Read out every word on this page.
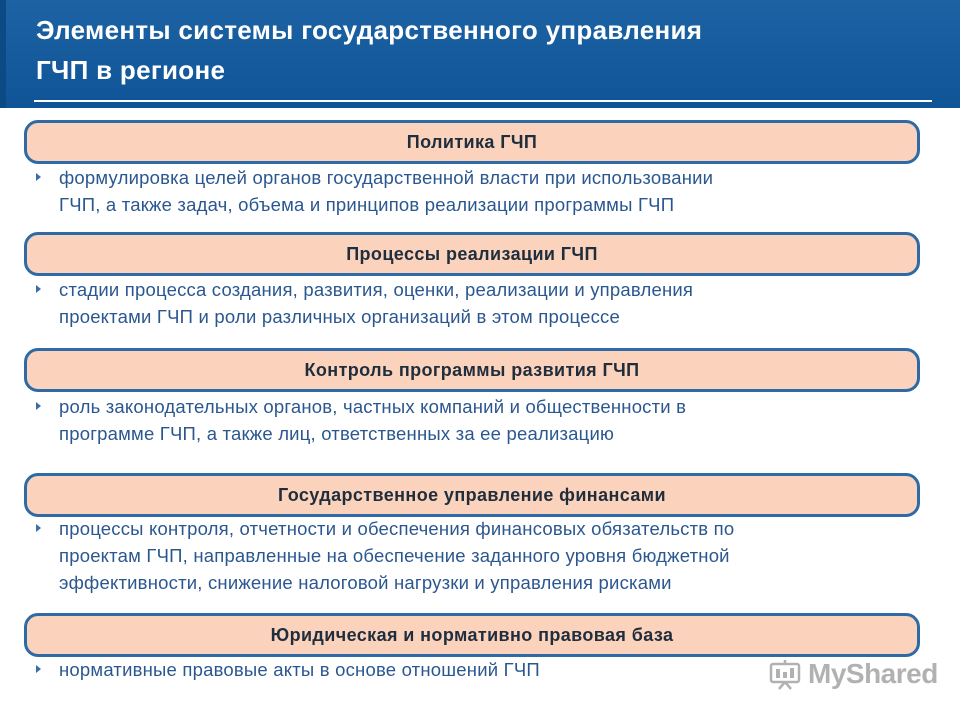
Элементы системы государственного управления
ГЧП в регионе
Политика ГЧП
формулировка целей органов государственной власти при использовании
ГЧП, а также задач, объема и принципов реализации программы ГЧП
Процессы реализации ГЧП
стадии процесса создания, развития, оценки, реализации и управления
проектами ГЧП и роли различных организаций в этом процессе
Контроль программы развития ГЧП
роль законодательных органов, частных компаний и общественности в
программе ГЧП, а также лиц, ответственных за ее реализацию
Государственное управление финансами
процессы контроля, отчетности и обеспечения финансовых обязательств по
проектам ГЧП, направленные на обеспечение заданного уровня бюджетной
эффективности, снижение налоговой нагрузки и управления рисками
Юридическая и нормативно правовая база
нормативные правовые акты в основе отношений ГЧП	MyShared
